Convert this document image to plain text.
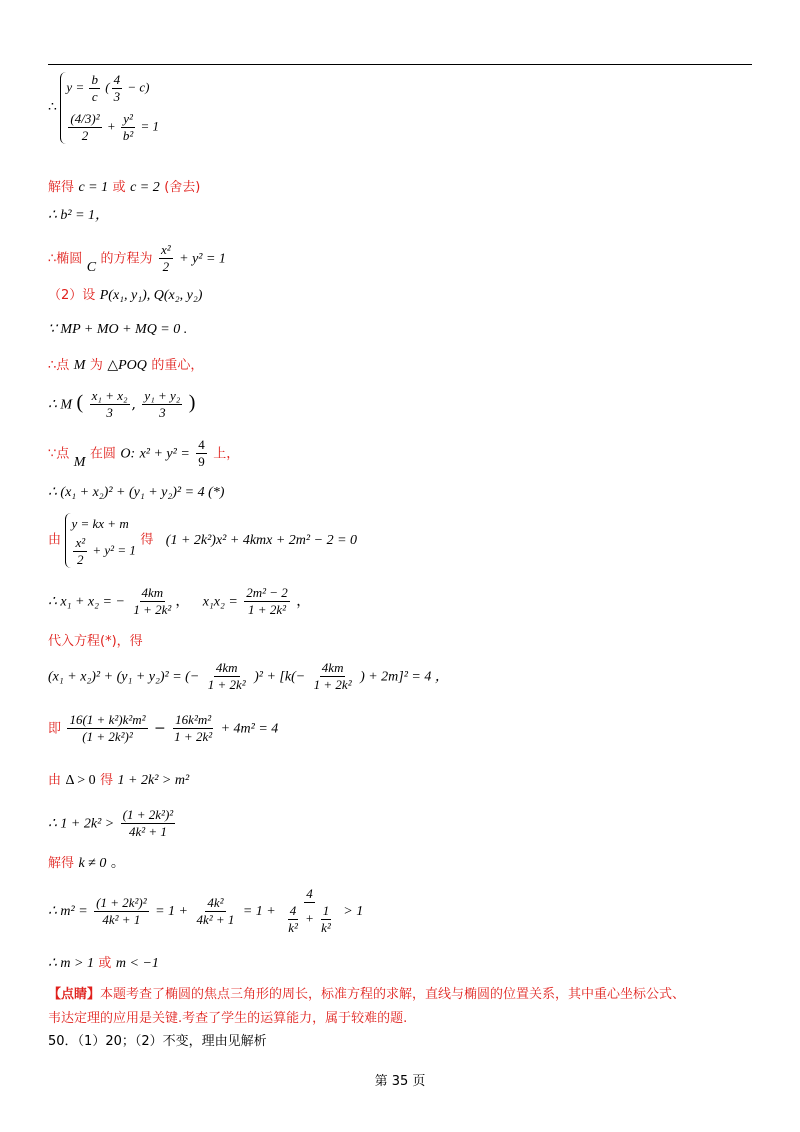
∴
$y = \frac{b}{c}$ ( $\frac{4}{3} - c$)
$\frac{\text{(4/3)²}}{2} + \frac{\text{y²}}{\text{b²}} = 1$
解得 c = 1 或 c = 2 (舍去)
∴ b² = 1，
∴椭圆 C 的方程为 $\frac{\text{x²}}{2} + y^2 = 1$
（2）设 P(x₁, y₁), Q(x₂, y₂)
∵ MP + MO + MQ = 0 .
∴点 M 为 △POQ 的重心，
∴ M ( $\frac{\text{x₁ + x₂}}{3}$ , $\frac{\text{y₁ + y₂}}{3}$ )
∵点 M 在圆 O: $x^2 + y^2 = \frac{4}{9}$ 上，
∴ (x₁ + x₂)² + (y₁ + y₂)² = 4 (*)
由
y = kx + m
$\frac{\text{x²}}{2} + y^2 = 1$
得 (1 + 2k²)x² + 4kmx + 2m² − 2 = 0
∴ x₁ + x₂ = − $\frac{4km}{\text{1 + 2k²}}$ ，   $x_1x_2 = \frac{\text{2m² − 2}}{\text{1 + 2k²}}$ ，
代入方程(*)，得
(x₁ + x₂)² + (y₁ + y₂)² = (− $\frac{4km}{\text{1 + 2k²}} )^2 + [k(- \frac{4km}{\text{1 + 2k²}}$ ) + 2m]² = 4 ，
即 $\frac{\text{16(1 + k²)k²m²}}{\text{(1 + 2k²)²}} - \frac{\text{16k²m²}}{\text{1 + 2k²}} + 4m^2 = 4$
由 Δ > 0 得 1 + 2k² > m²
∴ $1 + 2k^2 > \frac{\text{(1 + 2k²)²}}{\text{4k² + 1}}$
解得 k ≠ 0 。
∴ $m^2 = \frac{\text{(1 + 2k²)²}}{\text{4k² + 1}} = 1 + \frac{\text{4k²}}{\text{4k² + 1}} = 1 + \frac{4}{\frac{4}{\text{k²}} + \frac{1}{\text{k²}}} > 1$
∴ m > 1 或 m < −1
【点睛】本题考查了椭圆的焦点三角形的周长，标准方程的求解，直线与椭圆的位置关系，其中重心坐标公式、
韦达定理的应用是关键.考查了学生的运算能力，属于较难的题.
50．（1）20；（2）不变，理由见解析
第 35 页
